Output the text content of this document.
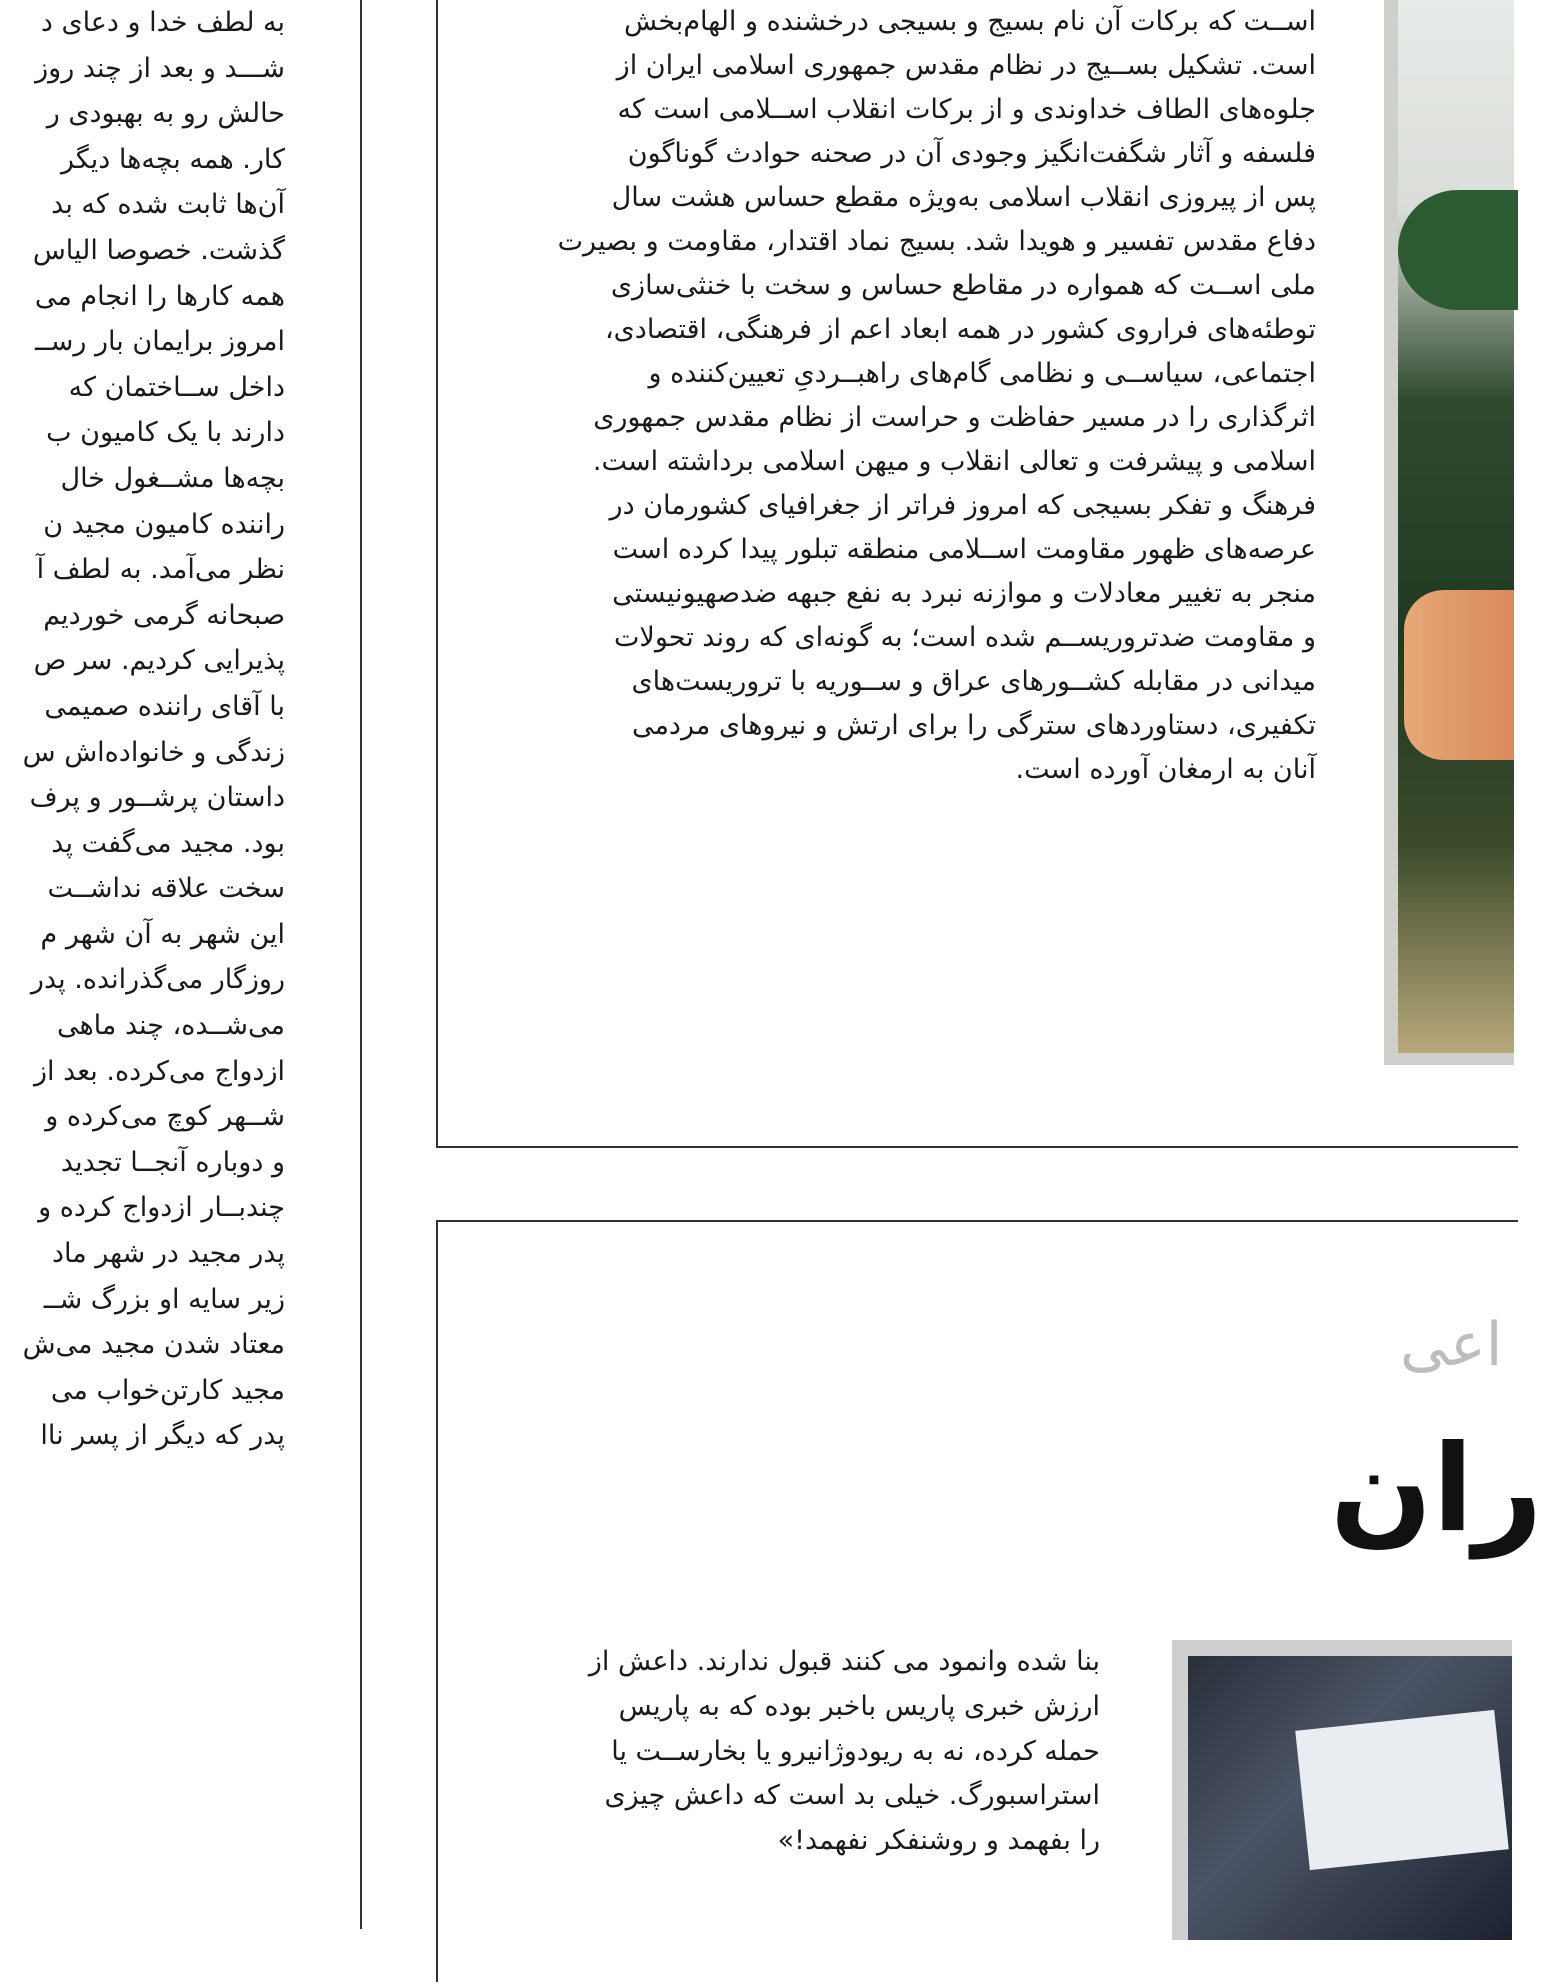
به لطف خدا و دعای د
شـــد و بعد از چند روز
حالش رو به بهبودی ر
کار. همه بچه‌ها دیگر
آن‌ها ثابت شده که بد
گذشت. خصوصا الیاس
همه کارها را انجام می
امروز برایمان بار رســ
داخل ســاختمان که
دارند با یک کامیون ب
بچه‌ها مشــغول خال
راننده کامیون مجید ن
نظر می‌آمد. به لطف آ
صبحانه گرمی خوردیم
پذیرایی کردیم. سر ص
با آقای راننده صمیمی
زندگی و خانواده‌اش س
داستان پرشــور و پرف
بود. مجید می‌گفت پد
سخت علاقه نداشــت
این شهر به آن شهر م
روزگار می‌گذرانده. پدر
می‌شــده، چند ماهی
ازدواج می‌کرده. بعد از
شــهر کوچ می‌کرده و
و دوباره آنجــا تجدید
چندبــار ازدواج کرده و
پدر مجید در شهر ماد
زیر سایه او بزرگ شــ
معتاد شدن مجید می‌ش
مجید کارتن‌خواب می
پدر که دیگر از پسر ناا
اســت که برکات آن نام بسیج و بسیجی درخشنده و الهام‌بخش
است. تشکیل بســیج در نظام مقدس جمهوری اسلامی ایران از
جلوه‌های الطاف خداوندی و از برکات انقلاب اســلامی است که
فلسفه و آثار شگفت‌انگیز وجودی آن در صحنه حوادث گوناگون
پس از پیروزی انقلاب اسلامی به‌ویژه مقطع حساس هشت سال
دفاع مقدس تفسیر و هویدا شد. بسیج نماد اقتدار، مقاومت و بصیرت
ملی اســت که همواره در مقاطع حساس و سخت با خنثی‌سازی
توطئه‌های فراروی کشور در همه ابعاد اعم از فرهنگی، اقتصادی،
اجتماعی، سیاســی و نظامی گام‌های راهبــردیِ تعیین‌کننده و
اثرگذاری را در مسیر حفاظت و حراست از نظام مقدس جمهوری
اسلامی و پیشرفت و تعالی انقلاب و میهن اسلامی برداشته است.
فرهنگ و تفکر بسیجی که امروز فراتر از جغرافیای کشورمان در
عرصه‌های ظهور مقاومت اســلامی منطقه تبلور پیدا کرده است
منجر به تغییر معادلات و موازنه نبرد به نفع جبهه ضدصهیونیستی
و مقاومت ضدتروریســم شده است؛ به گونه‌ای که روند تحولات
میدانی در مقابله کشــورهای عراق و ســوریه با تروریست‌های
تکفیری، دستاوردهای سترگی را برای ارتش و نیروهای مردمی
آنان به ارمغان آورده است.
اعی
ران
بنا شده وانمود می کنند قبول ندارند. داعش از
ارزش خبری پاریس باخبر بوده که به پاریس
حمله کرده، نه به ریودوژانیرو یا بخارســت یا
استراسبورگ. خیلی بد است که داعش چیزی
را بفهمد و روشنفکر نفهمد!»
